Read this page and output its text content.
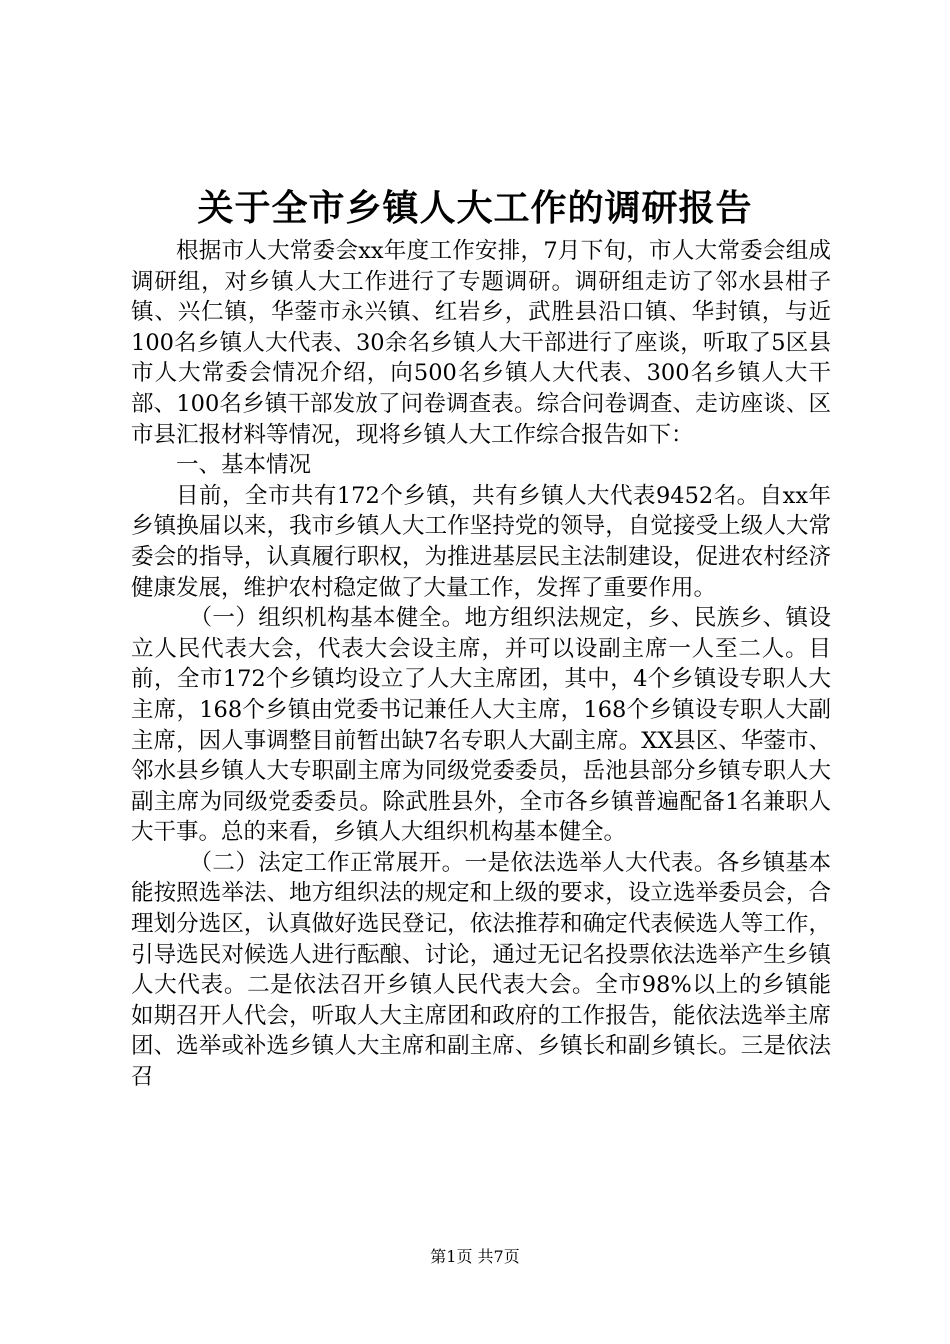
关于全市乡镇人大工作的调研报告

根据市人大常委会xx年度工作安排，7月下旬，市人大常委会组成调研组，对乡镇人大工作进行了专题调研。调研组走访了邻水县柑子镇、兴仁镇，华蓥市永兴镇、红岩乡，武胜县沿口镇、华封镇，与近100名乡镇人大代表、30余名乡镇人大干部进行了座谈，听取了5区县市人大常委会情况介绍，向500名乡镇人大代表、300名乡镇人大干部、100名乡镇干部发放了问卷调查表。综合问卷调查、走访座谈、区市县汇报材料等情况，现将乡镇人大工作综合报告如下：

一、基本情况

目前，全市共有172个乡镇，共有乡镇人大代表9452名。自xx年乡镇换届以来，我市乡镇人大工作坚持党的领导，自觉接受上级人大常委会的指导，认真履行职权，为推进基层民主法制建设，促进农村经济健康发展，维护农村稳定做了大量工作，发挥了重要作用。

（一）组织机构基本健全。地方组织法规定，乡、民族乡、镇设立人民代表大会，代表大会设主席，并可以设副主席一人至二人。目前，全市172个乡镇均设立了人大主席团，其中，4个乡镇设专职人大主席，168个乡镇由党委书记兼任人大主席，168个乡镇设专职人大副主席，因人事调整目前暂出缺7名专职人大副主席。XX县区、华蓥市、邻水县乡镇人大专职副主席为同级党委委员，岳池县部分乡镇专职人大副主席为同级党委委员。除武胜县外，全市各乡镇普遍配备1名兼职人大干事。总的来看，乡镇人大组织机构基本健全。

（二）法定工作正常展开。一是依法选举人大代表。各乡镇基本能按照选举法、地方组织法的规定和上级的要求，设立选举委员会，合理划分选区，认真做好选民登记，依法推荐和确定代表候选人等工作，引导选民对候选人进行酝酿、讨论，通过无记名投票依法选举产生乡镇人大代表。二是依法召开乡镇人民代表大会。全市98%以上的乡镇能如期召开人代会，听取人大主席团和政府的工作报告，能依法选举主席团、选举或补选乡镇人大主席和副主席、乡镇长和副乡镇长。三是依法召

第1页 共7页
